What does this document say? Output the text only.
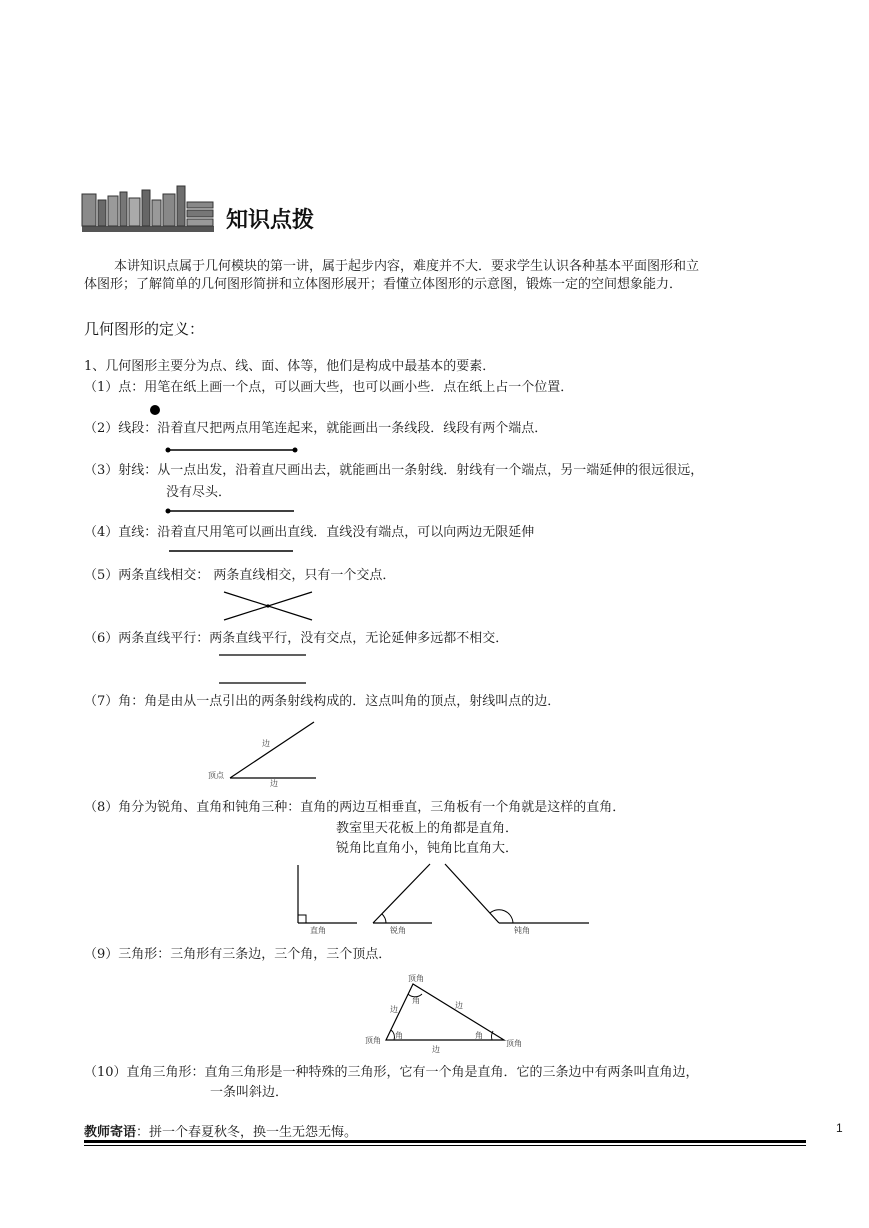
知识点拨
本讲知识点属于几何模块的第一讲，属于起步内容，难度并不大．要求学生认识各种基本平面图形和立
体图形；了解简单的几何图形简拼和立体图形展开；看懂立体图形的示意图，锻炼一定的空间想象能力．
几何图形的定义：
1、几何图形主要分为点、线、面、体等，他们是构成中最基本的要素．
（1）点：用笔在纸上画一个点，可以画大些，也可以画小些．点在纸上占一个位置．
（2）线段：沿着直尺把两点用笔连起来，就能画出一条线段．线段有两个端点．
（3）射线：从一点出发，沿着直尺画出去，就能画出一条射线．射线有一个端点，另一端延伸的很远很远，
没有尽头．
（4）直线：沿着直尺用笔可以画出直线．直线没有端点，可以向两边无限延伸
（5）两条直线相交： 两条直线相交，只有一个交点．
（6）两条直线平行：两条直线平行，没有交点，无论延伸多远都不相交．
（7）角：角是由从一点引出的两条射线构成的．这点叫角的顶点，射线叫点的边．
边
顶点
边
（8）角分为锐角、直角和钝角三种：直角的两边互相垂直，三角板有一个角就是这样的直角．
教室里天花板上的角都是直角．
锐角比直角小，钝角比直角大．
直角	锐角	钝角
（9）三角形：三角形有三条边，三个角，三个顶点．
顶角
角
边	边
角
顶角
角
顶角
边
（10）直角三角形：直角三角形是一种特殊的三角形，它有一个角是直角．它的三条边中有两条叫直角边，
一条叫斜边．
教师寄语：拼一个春夏秋冬，换一生无怨无悔。	1
